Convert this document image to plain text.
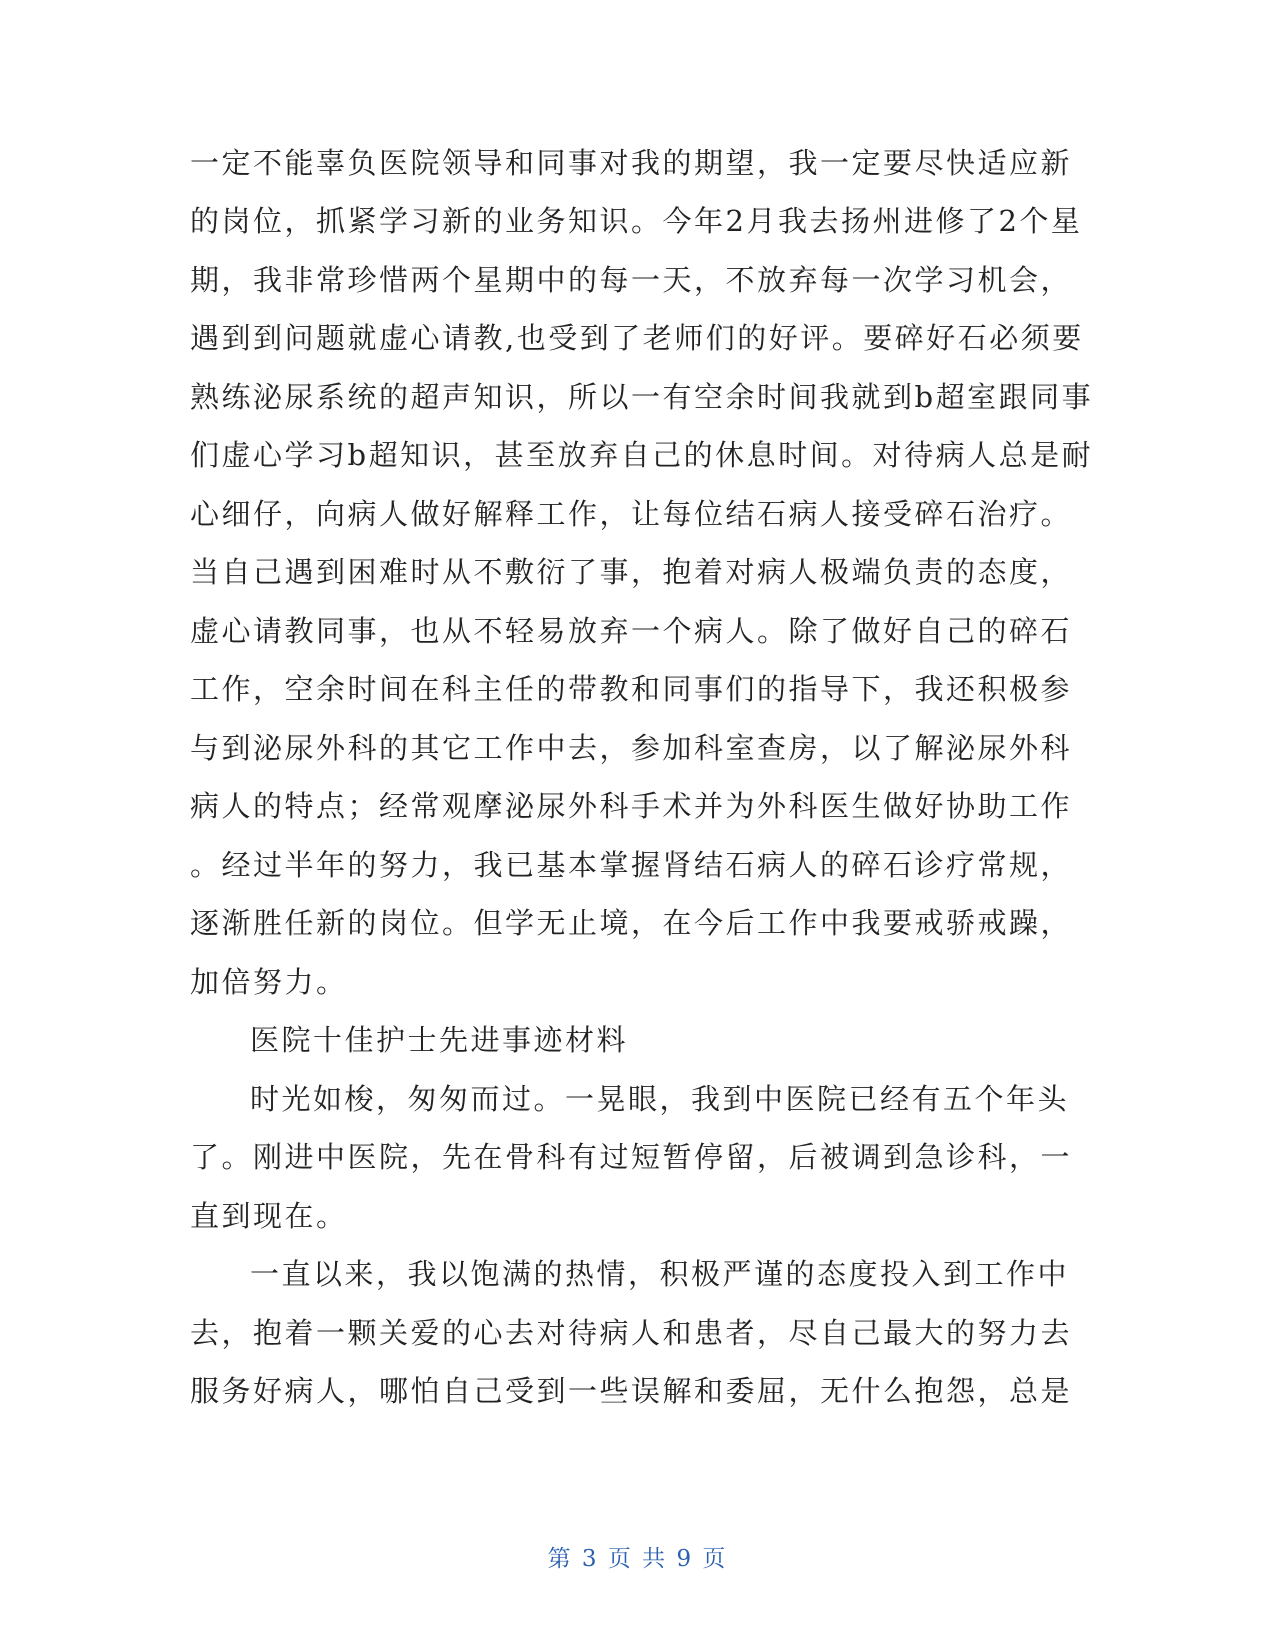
一定不能辜负医院领导和同事对我的期望，我一定要尽快适应新
的岗位，抓紧学习新的业务知识。今年2月我去扬州进修了2个星
期，我非常珍惜两个星期中的每一天，不放弃每一次学习机会，
遇到到问题就虚心请教,也受到了老师们的好评。要碎好石必须要
熟练泌尿系统的超声知识，所以一有空余时间我就到b超室跟同事
们虚心学习b超知识，甚至放弃自己的休息时间。对待病人总是耐
心细仔，向病人做好解释工作，让每位结石病人接受碎石治疗。
当自己遇到困难时从不敷衍了事，抱着对病人极端负责的态度，
虚心请教同事，也从不轻易放弃一个病人。除了做好自己的碎石
工作，空余时间在科主任的带教和同事们的指导下，我还积极参
与到泌尿外科的其它工作中去，参加科室查房，以了解泌尿外科
病人的特点；经常观摩泌尿外科手术并为外科医生做好协助工作
。经过半年的努力，我已基本掌握肾结石病人的碎石诊疗常规，
逐渐胜任新的岗位。但学无止境，在今后工作中我要戒骄戒躁，
加倍努力。
医院十佳护士先进事迹材料
时光如梭，匆匆而过。一晃眼，我到中医院已经有五个年头
了。刚进中医院，先在骨科有过短暂停留，后被调到急诊科，一
直到现在。
一直以来，我以饱满的热情，积极严谨的态度投入到工作中
去，抱着一颗关爱的心去对待病人和患者，尽自己最大的努力去
服务好病人，哪怕自己受到一些误解和委屈，无什么抱怨，总是
第 3 页 共 9 页
